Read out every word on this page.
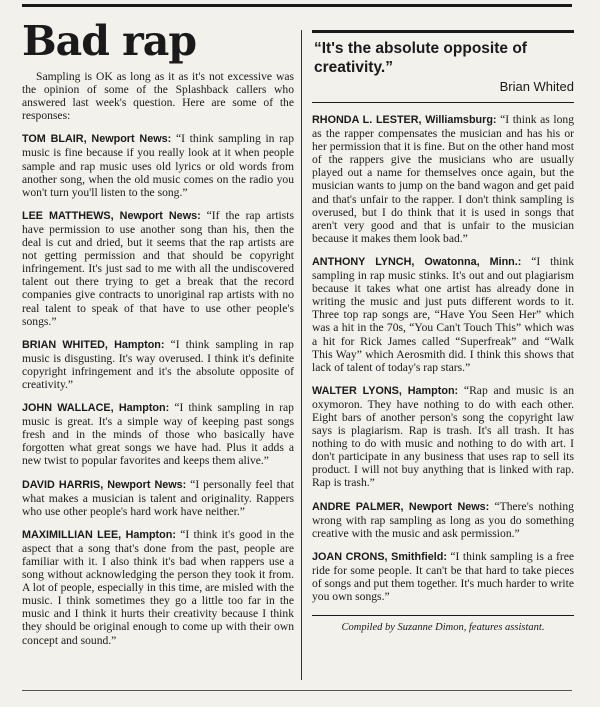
Bad rap

Sampling is OK as long as it as it's not excessive was the opinion of some of the Splashback callers who answered last week's question. Here are some of the responses:

TOM BLAIR, Newport News: “I think sampling in rap music is fine because if you really look at it when people sample and rap music uses old lyrics or old words from another song, when the old music comes on the radio you won't turn you'll listen to the song.”

LEE MATTHEWS, Newport News: “If the rap artists have permission to use another song than his, then the deal is cut and dried, but it seems that the rap artists are not getting permission and that should be copyright infringement. It's just sad to me with all the undiscovered talent out there trying to get a break that the record companies give contracts to unoriginal rap artists with no real talent to speak of that have to use other people's songs.”

BRIAN WHITED, Hampton: “I think sampling in rap music is disgusting. It's way overused. I think it's definite copyright infringement and it's the absolute opposite of creativity.”

JOHN WALLACE, Hampton: “I think sampling in rap music is great. It's a simple way of keeping past songs fresh and in the minds of those who basically have forgotten what great songs we have had. Plus it adds a new twist to popular favorites and keeps them alive.”

DAVID HARRIS, Newport News: “I personally feel that what makes a musician is talent and originality. Rappers who use other people's hard work have neither.”

MAXIMILLIAN LEE, Hampton: “I think it's good in the aspect that a song that's done from the past, people are familiar with it. I also think it's bad when rappers use a song without acknowledging the person they took it from. A lot of people, especially in this time, are misled with the music. I think sometimes they go a little too far in the music and I think it hurts their creativity because I think they should be original enough to come up with their own concept and sound.”

“It's the absolute opposite of creativity.”

Brian Whited

RHONDA L. LESTER, Williamsburg: “I think as long as the rapper compensates the musician and has his or her permission that it is fine. But on the other hand most of the rappers give the musicians who are usually played out a name for themselves once again, but the musician wants to jump on the band wagon and get paid and that's unfair to the rapper. I don't think sampling is overused, but I do think that it is used in songs that aren't very good and that is unfair to the musician because it makes them look bad.”

ANTHONY LYNCH, Owatonna, Minn.: “I think sampling in rap music stinks. It's out and out plagiarism because it takes what one artist has already done in writing the music and just puts different words to it. Three top rap songs are, “Have You Seen Her” which was a hit in the 70s, “You Can't Touch This” which was a hit for Rick James called “Superfreak” and “Walk This Way” which Aerosmith did. I think this shows that lack of talent of today's rap stars.”

WALTER LYONS, Hampton: “Rap and music is an oxymoron. They have nothing to do with each other. Eight bars of another person's song the copyright law says is plagiarism. Rap is trash. It's all trash. It has nothing to do with music and nothing to do with art. I don't participate in any business that uses rap to sell its product. I will not buy anything that is linked with rap. Rap is trash.”

ANDRE PALMER, Newport News: “There's nothing wrong with rap sampling as long as you do something creative with the music and ask permission.”

JOAN CRONS, Smithfield: “I think sampling is a free ride for some people. It can't be that hard to take pieces of songs and put them together. It's much harder to write you own songs.”

Compiled by Suzanne Dimon, features assistant.
